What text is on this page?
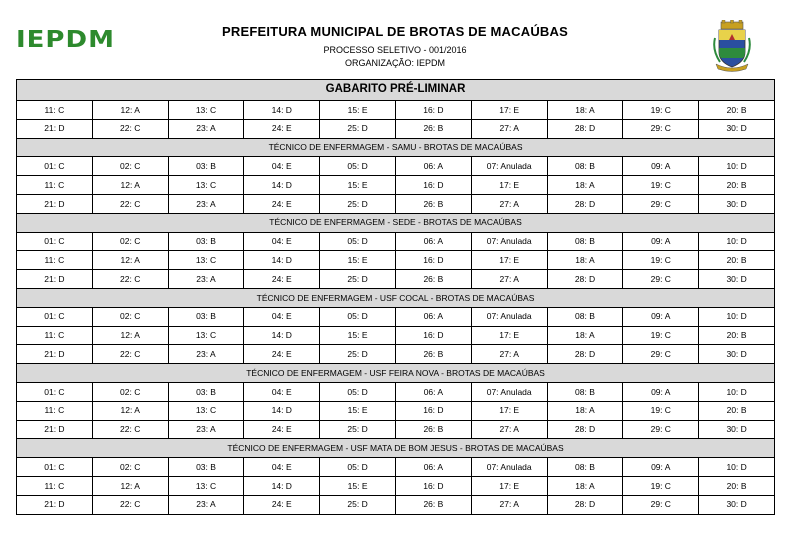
IEPDM	PREFEITURA MUNICIPAL DE BROTAS DE MACAÚBAS
PROCESSO SELETIVO - 001/2016
ORGANIZAÇÃO: IEPDM
GABARITO PRÉ-LIMINAR									
11: C	12: A	13: C	14: D	15: E	16: D	17: E	18: A	19: C	20: B
21: D	22: C	23: A	24: E	25: D	26: B	27: A	28: D	29: C	30: D
TÉCNICO DE ENFERMAGEM - SAMU - BROTAS DE MACAÚBAS									
01: C	02: C	03: B	04: E	05: D	06: A	07: Anulada	08: B	09: A	10: D
11: C	12: A	13: C	14: D	15: E	16: D	17: E	18: A	19: C	20: B
21: D	22: C	23: A	24: E	25: D	26: B	27: A	28: D	29: C	30: D
TÉCNICO DE ENFERMAGEM - SEDE - BROTAS DE MACAÚBAS									
01: C	02: C	03: B	04: E	05: D	06: A	07: Anulada	08: B	09: A	10: D
11: C	12: A	13: C	14: D	15: E	16: D	17: E	18: A	19: C	20: B
21: D	22: C	23: A	24: E	25: D	26: B	27: A	28: D	29: C	30: D
TÉCNICO DE ENFERMAGEM - USF COCAL - BROTAS DE MACAÚBAS									
01: C	02: C	03: B	04: E	05: D	06: A	07: Anulada	08: B	09: A	10: D
11: C	12: A	13: C	14: D	15: E	16: D	17: E	18: A	19: C	20: B
21: D	22: C	23: A	24: E	25: D	26: B	27: A	28: D	29: C	30: D
TÉCNICO DE ENFERMAGEM - USF FEIRA NOVA - BROTAS DE MACAÚBAS									
01: C	02: C	03: B	04: E	05: D	06: A	07: Anulada	08: B	09: A	10: D
11: C	12: A	13: C	14: D	15: E	16: D	17: E	18: A	19: C	20: B
21: D	22: C	23: A	24: E	25: D	26: B	27: A	28: D	29: C	30: D
TÉCNICO DE ENFERMAGEM - USF MATA DE BOM JESUS - BROTAS DE MACAÚBAS									
01: C	02: C	03: B	04: E	05: D	06: A	07: Anulada	08: B	09: A	10: D
11: C	12: A	13: C	14: D	15: E	16: D	17: E	18: A	19: C	20: B
21: D	22: C	23: A	24: E	25: D	26: B	27: A	28: D	29: C	30: D
